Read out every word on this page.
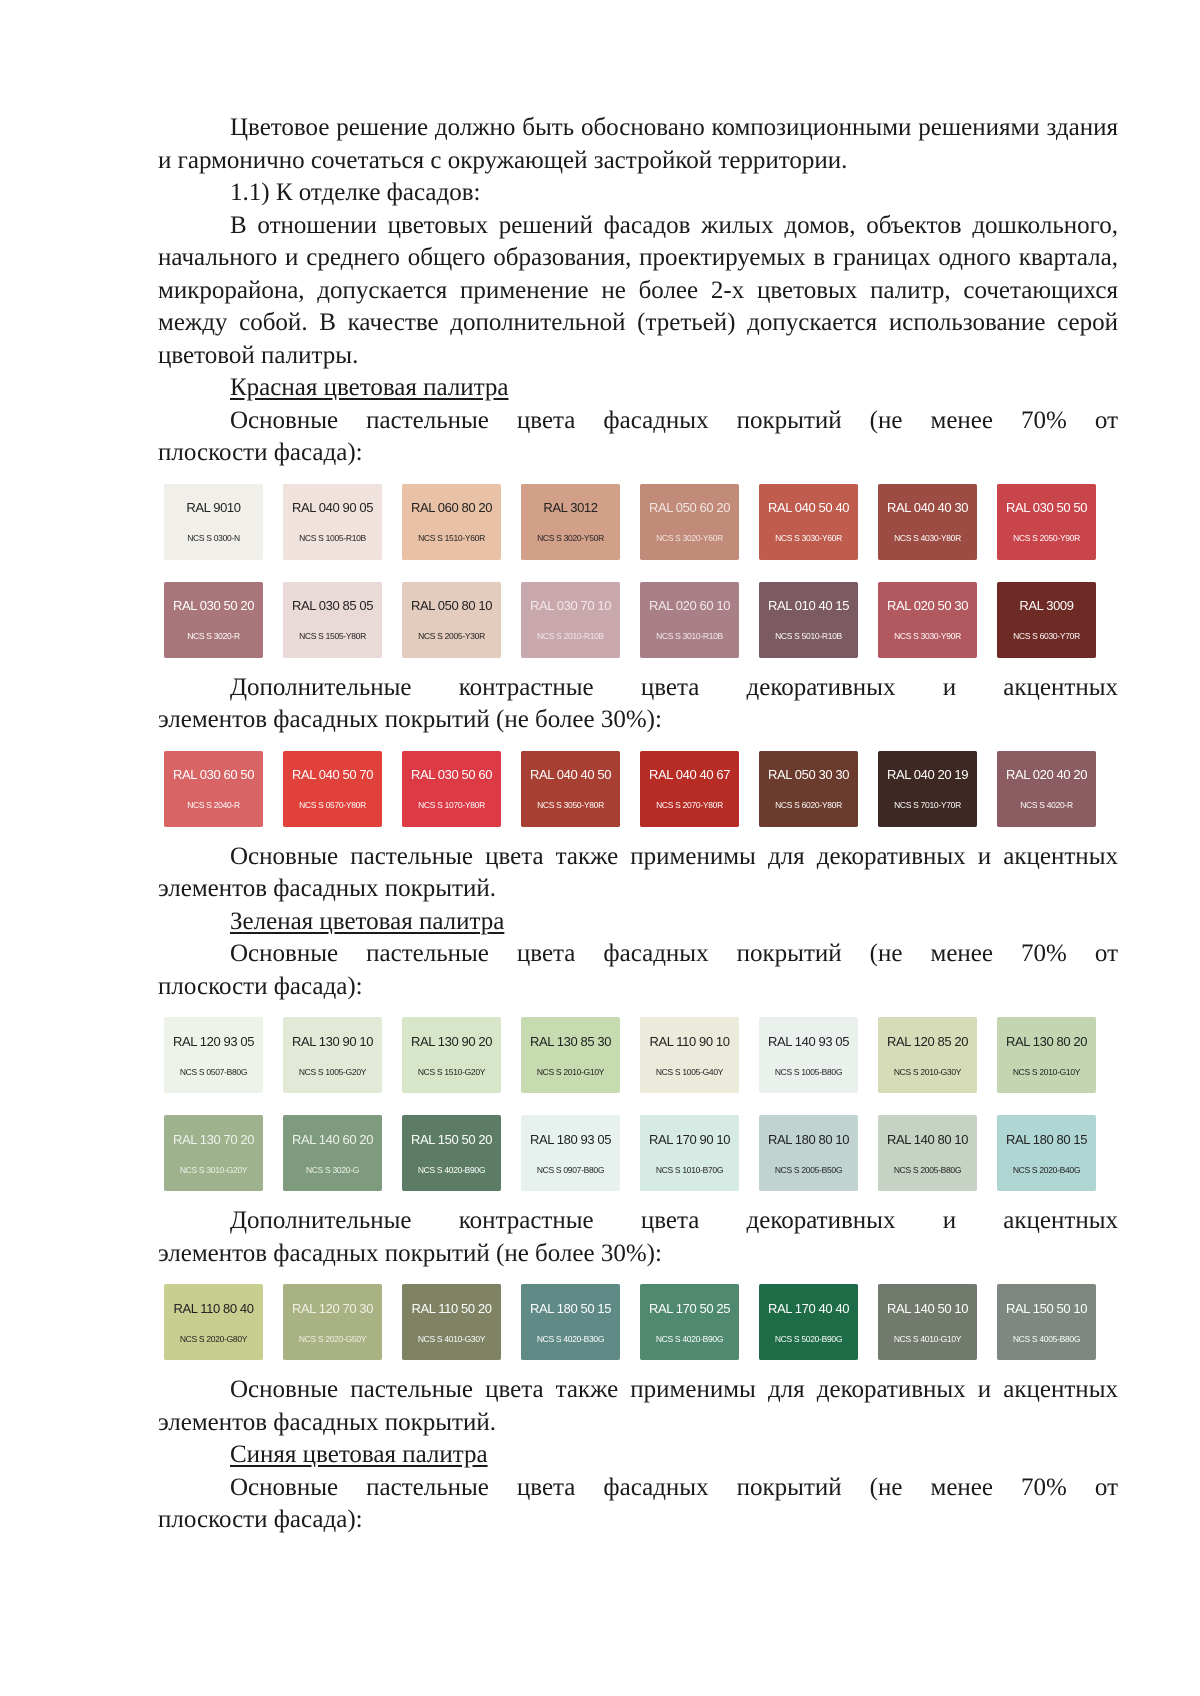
Цветовое решение должно быть обосновано композиционными решениями здания и гармонично сочетаться с окружающей застройкой территории.

1.1) К отделке фасадов:

В отношении цветовых решений фасадов жилых домов, объектов дошкольного, начального и среднего общего образования, проектируемых в границах одного квартала, микрорайона, допускается применение не более 2-х цветовых палитр, сочетающихся между собой. В качестве дополнительной (третьей) допускается использование серой цветовой палитры.

Красная цветовая палитра

Основные пастельные цвета фасадных покрытий (не менее 70% от

плоскости фасада):

RAL 9010
NCS S 0300-N
RAL 040 90 05
NCS S 1005-R10B
RAL 060 80 20
NCS S 1510-Y60R
RAL 3012
NCS S 3020-Y50R
RAL 050 60 20
NCS S 3020-Y60R
RAL 040 50 40
NCS S 3030-Y60R
RAL 040 40 30
NCS S 4030-Y80R
RAL 030 50 50
NCS S 2050-Y90R
RAL 030 50 20
NCS S 3020-R
RAL 030 85 05
NCS S 1505-Y80R
RAL 050 80 10
NCS S 2005-Y30R
RAL 030 70 10
NCS S 2010-R10B
RAL 020 60 10
NCS S 3010-R10B
RAL 010 40 15
NCS S 5010-R10B
RAL 020 50 30
NCS S 3030-Y90R
RAL 3009
NCS S 6030-Y70R

Дополнительные контрастные цвета декоративных и акцентных

элементов фасадных покрытий (не более 30%):

RAL 030 60 50
NCS S 2040-R
RAL 040 50 70
NCS S 0570-Y80R
RAL 030 50 60
NCS S 1070-Y80R
RAL 040 40 50
NCS S 3050-Y80R
RAL 040 40 67
NCS S 2070-Y80R
RAL 050 30 30
NCS S 6020-Y80R
RAL 040 20 19
NCS S 7010-Y70R
RAL 020 40 20
NCS S 4020-R

Основные пастельные цвета также применимы для декоративных и акцентных элементов фасадных покрытий.

Зеленая цветовая палитра

Основные пастельные цвета фасадных покрытий (не менее 70% от

плоскости фасада):

RAL 120 93 05
NCS S 0507-B80G
RAL 130 90 10
NCS S 1005-G20Y
RAL 130 90 20
NCS S 1510-G20Y
RAL 130 85 30
NCS S 2010-G10Y
RAL 110 90 10
NCS S 1005-G40Y
RAL 140 93 05
NCS S 1005-B80G
RAL 120 85 20
NCS S 2010-G30Y
RAL 130 80 20
NCS S 2010-G10Y
RAL 130 70 20
NCS S 3010-G20Y
RAL 140 60 20
NCS S 3020-G
RAL 150 50 20
NCS S 4020-B90G
RAL 180 93 05
NCS S 0907-B80G
RAL 170 90 10
NCS S 1010-B70G
RAL 180 80 10
NCS S 2005-B50G
RAL 140 80 10
NCS S 2005-B80G
RAL 180 80 15
NCS S 2020-B40G

Дополнительные контрастные цвета декоративных и акцентных

элементов фасадных покрытий (не более 30%):

RAL 110 80 40
NCS S 2020-G80Y
RAL 120 70 30
NCS S 2020-G50Y
RAL 110 50 20
NCS S 4010-G30Y
RAL 180 50 15
NCS S 4020-B30G
RAL 170 50 25
NCS S 4020-B90G
RAL 170 40 40
NCS S 5020-B90G
RAL 140 50 10
NCS S 4010-G10Y
RAL 150 50 10
NCS S 4005-B80G

Основные пастельные цвета также применимы для декоративных и акцентных элементов фасадных покрытий.

Синяя цветовая палитра

Основные пастельные цвета фасадных покрытий (не менее 70% от

плоскости фасада):
